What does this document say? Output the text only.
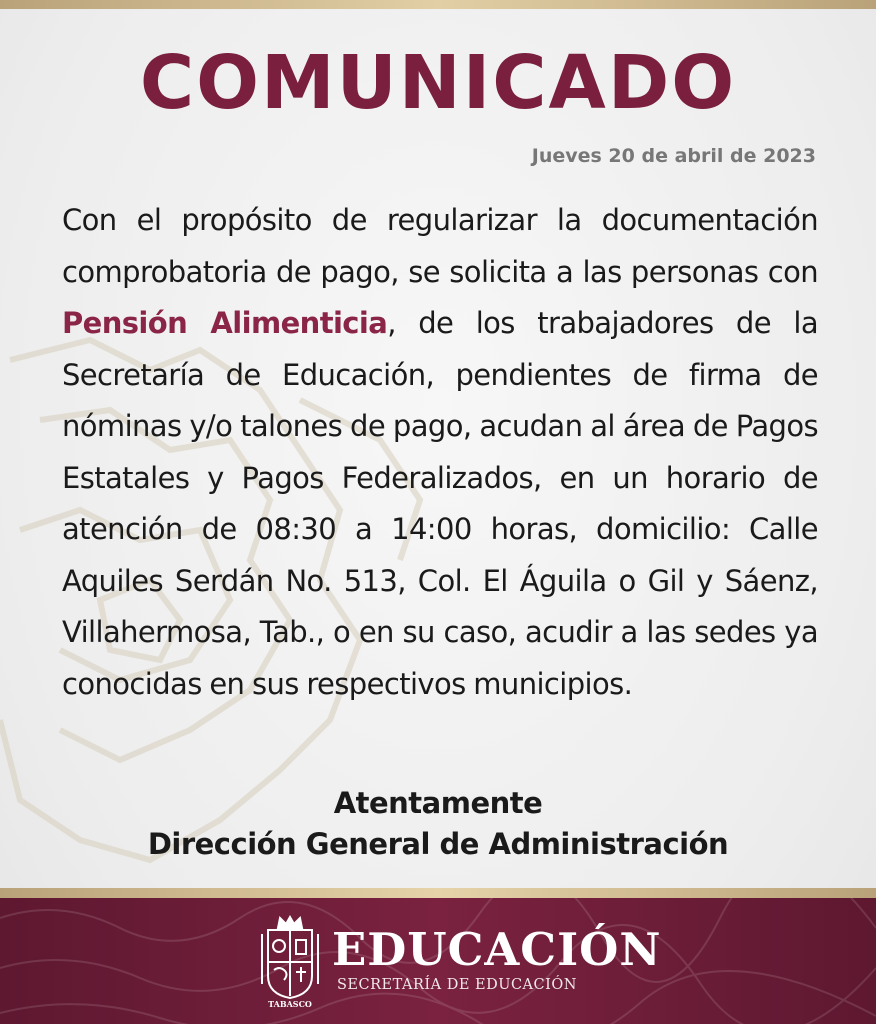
COMUNICADO

Jueves 20 de abril de 2023

Con el propósito de regularizar la documentación comprobatoria de pago, se solicita a las personas con Pensión Alimenticia, de los trabajadores de la Secretaría de Educación, pendientes de firma de nóminas y/o talones de pago, acudan al área de Pagos Estatales y Pagos Federalizados, en un horario de atención de 08:30 a 14:00 horas, domicilio: Calle Aquiles Serdán No. 513, Col. El Águila o Gil y Sáenz, Villahermosa, Tab., o en su caso, acudir a las sedes ya conocidas en sus respectivos municipios.

Atentamente

Dirección General de Administración

TABASCO

EDUCACIÓN

SECRETARÍA DE EDUCACIÓN
